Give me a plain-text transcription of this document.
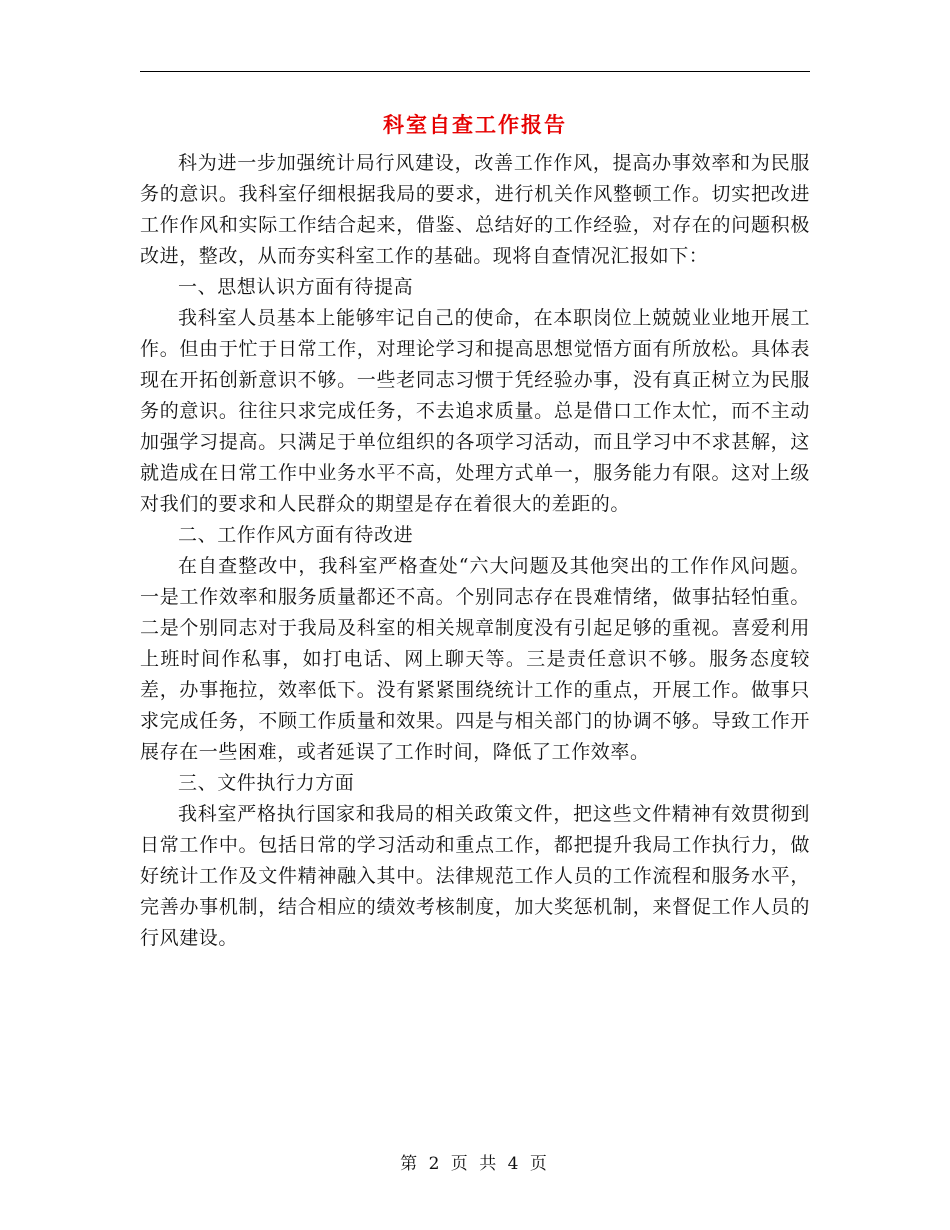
科室自查工作报告

科为进一步加强统计局行风建设，改善工作作风，提高办事效率和为民服务的意识。我科室仔细根据我局的要求，进行机关作风整顿工作。切实把改进工作作风和实际工作结合起来，借鉴、总结好的工作经验，对存在的问题积极改进，整改，从而夯实科室工作的基础。现将自查情况汇报如下：

一、思想认识方面有待提高

我科室人员基本上能够牢记自己的使命，在本职岗位上兢兢业业地开展工作。但由于忙于日常工作，对理论学习和提高思想觉悟方面有所放松。具体表现在开拓创新意识不够。一些老同志习惯于凭经验办事，没有真正树立为民服务的意识。往往只求完成任务，不去追求质量。总是借口工作太忙，而不主动加强学习提高。只满足于单位组织的各项学习活动，而且学习中不求甚解，这就造成在日常工作中业务水平不高，处理方式单一，服务能力有限。这对上级对我们的要求和人民群众的期望是存在着很大的差距的。

二、工作作风方面有待改进

在自查整改中，我科室严格查处“六大问题及其他突出的工作作风问题。一是工作效率和服务质量都还不高。个别同志存在畏难情绪，做事拈轻怕重。二是个别同志对于我局及科室的相关规章制度没有引起足够的重视。喜爱利用上班时间作私事，如打电话、网上聊天等。三是责任意识不够。服务态度较差，办事拖拉，效率低下。没有紧紧围绕统计工作的重点，开展工作。做事只求完成任务，不顾工作质量和效果。四是与相关部门的协调不够。导致工作开展存在一些困难，或者延误了工作时间，降低了工作效率。

三、文件执行力方面

我科室严格执行国家和我局的相关政策文件，把这些文件精神有效贯彻到日常工作中。包括日常的学习活动和重点工作，都把提升我局工作执行力，做好统计工作及文件精神融入其中。法律规范工作人员的工作流程和服务水平，完善办事机制，结合相应的绩效考核制度，加大奖惩机制，来督促工作人员的行风建设。

第 2 页 共 4 页
